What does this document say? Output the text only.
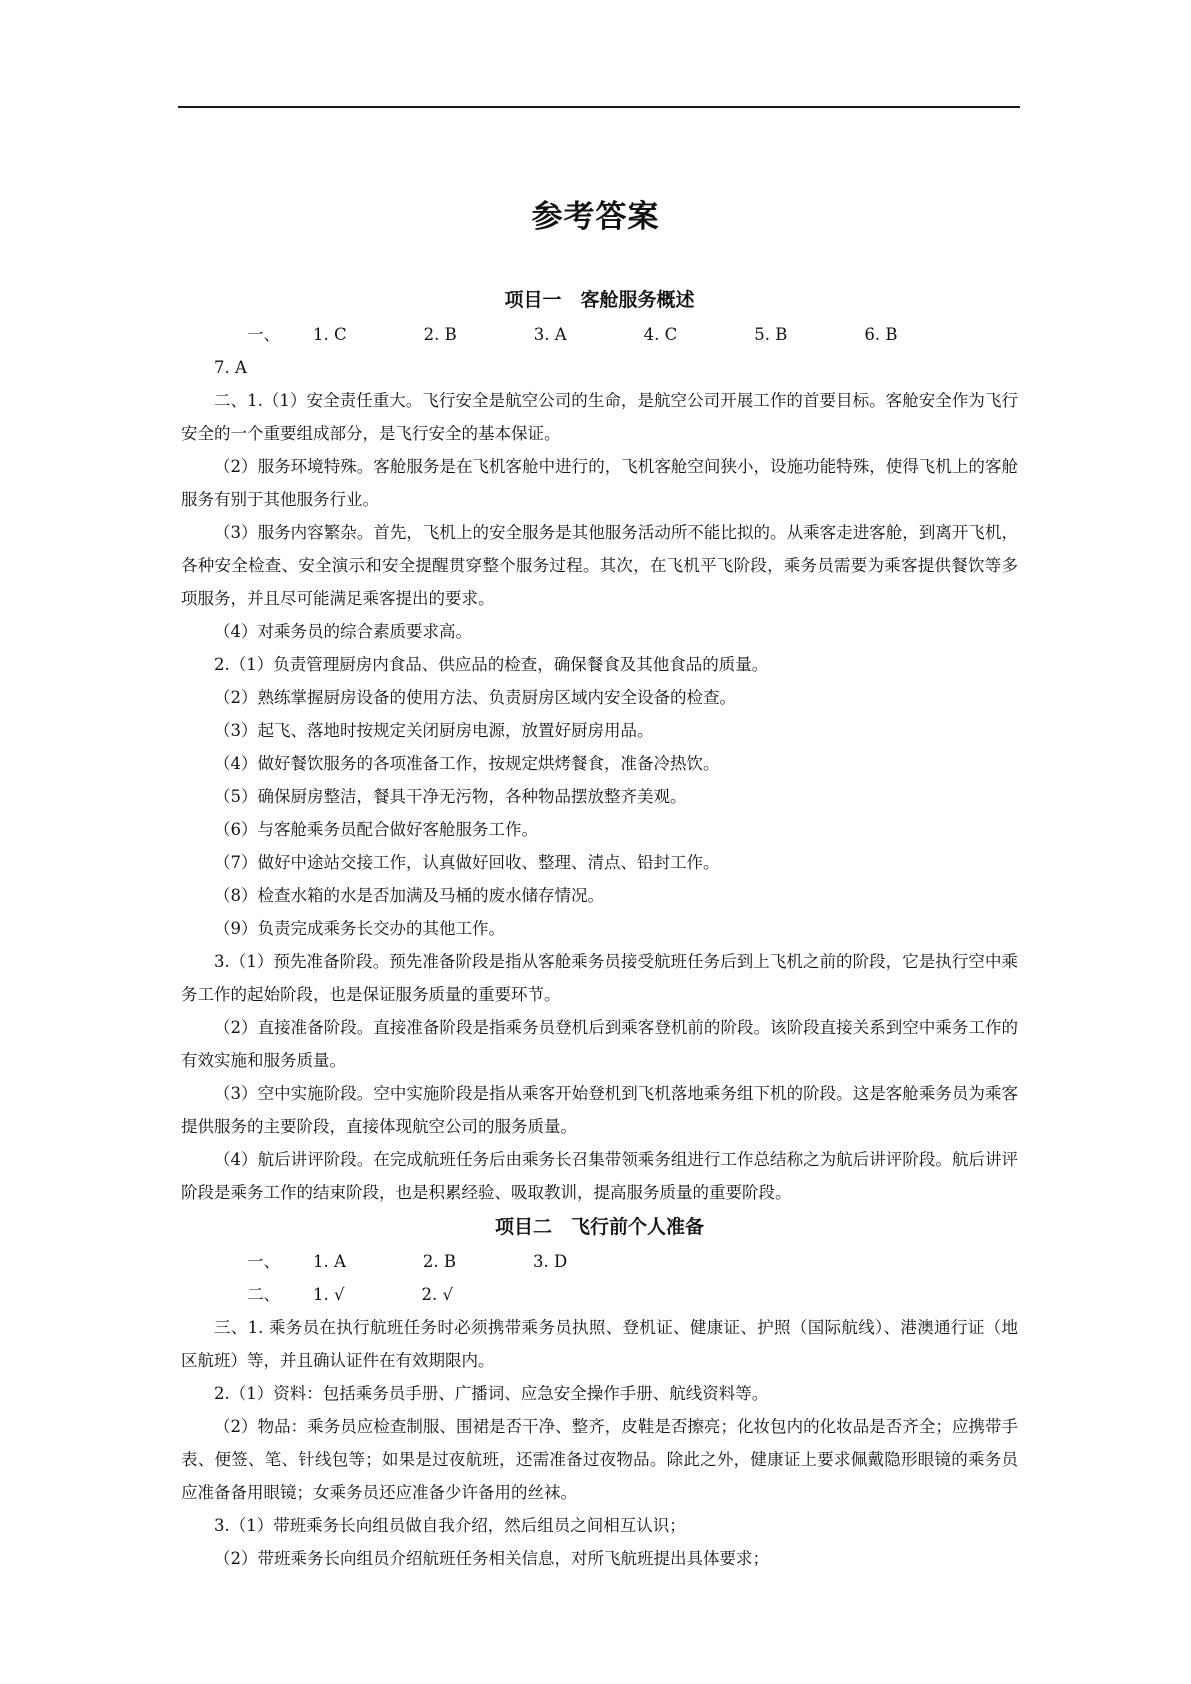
参考答案
项目一　客舱服务概述
一、 1. C	2. B	3. A	4. C	5. B	6. B7. A

二、1.（1）安全责任重大。飞行安全是航空公司的生命，是航空公司开展工作的首要目标。客舱安全作为飞行安全的一个重要组成部分，是飞行安全的基本保证。

（2）服务环境特殊。客舱服务是在飞机客舱中进行的，飞机客舱空间狭小，设施功能特殊，使得飞机上的客舱服务有别于其他服务行业。

（3）服务内容繁杂。首先，飞机上的安全服务是其他服务活动所不能比拟的。从乘客走进客舱，到离开飞机，各种安全检查、安全演示和安全提醒贯穿整个服务过程。其次，在飞机平飞阶段，乘务员需要为乘客提供餐饮等多项服务，并且尽可能满足乘客提出的要求。

（4）对乘务员的综合素质要求高。

2.（1）负责管理厨房内食品、供应品的检查，确保餐食及其他食品的质量。

（2）熟练掌握厨房设备的使用方法、负责厨房区域内安全设备的检查。

（3）起飞、落地时按规定关闭厨房电源，放置好厨房用品。

（4）做好餐饮服务的各项准备工作，按规定烘烤餐食，准备冷热饮。

（5）确保厨房整洁，餐具干净无污物，各种物品摆放整齐美观。

（6）与客舱乘务员配合做好客舱服务工作。

（7）做好中途站交接工作，认真做好回收、整理、清点、铅封工作。

（8）检查水箱的水是否加满及马桶的废水储存情况。

（9）负责完成乘务长交办的其他工作。

3.（1）预先准备阶段。预先准备阶段是指从客舱乘务员接受航班任务后到上飞机之前的阶段，它是执行空中乘务工作的起始阶段，也是保证服务质量的重要环节。

（2）直接准备阶段。直接准备阶段是指乘务员登机后到乘客登机前的阶段。该阶段直接关系到空中乘务工作的有效实施和服务质量。

（3）空中实施阶段。空中实施阶段是指从乘客开始登机到飞机落地乘务组下机的阶段。这是客舱乘务员为乘客提供服务的主要阶段，直接体现航空公司的服务质量。

（4）航后讲评阶段。在完成航班任务后由乘务长召集带领乘务组进行工作总结称之为航后讲评阶段。航后讲评阶段是乘务工作的结束阶段，也是积累经验、吸取教训，提高服务质量的重要阶段。

项目二　飞行前个人准备
一、 1. A	2. B	3. D
二、 1. √	2. √

三、1. 乘务员在执行航班任务时必须携带乘务员执照、登机证、健康证、护照（国际航线）、港澳通行证（地区航班）等，并且确认证件在有效期限内。

2.（1）资料：包括乘务员手册、广播词、应急安全操作手册、航线资料等。

（2）物品：乘务员应检查制服、围裙是否干净、整齐，皮鞋是否擦亮；化妆包内的化妆品是否齐全；应携带手表、便签、笔、针线包等；如果是过夜航班，还需准备过夜物品。除此之外，健康证上要求佩戴隐形眼镜的乘务员应准备备用眼镜；女乘务员还应准备少许备用的丝袜。

3.（1）带班乘务长向组员做自我介绍，然后组员之间相互认识；

（2）带班乘务长向组员介绍航班任务相关信息，对所飞航班提出具体要求；
